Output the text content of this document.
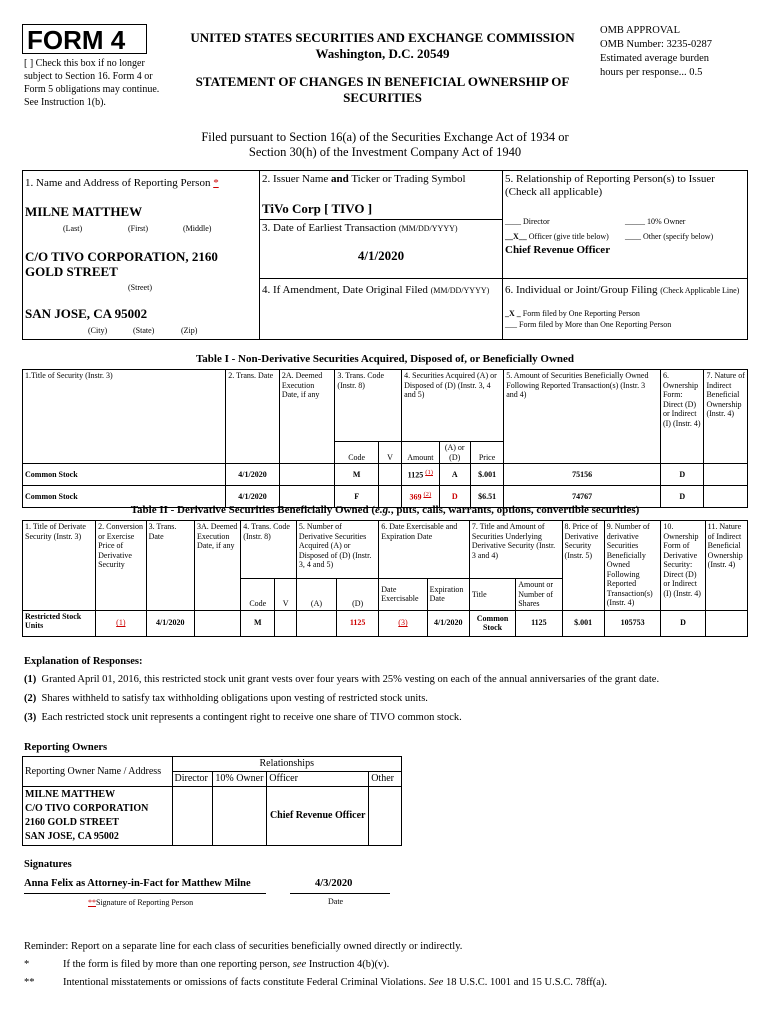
FORM 4
[ ] Check this box if no longer subject to Section 16. Form 4 or Form 5 obligations may continue. See Instruction 1(b).
UNITED STATES SECURITIES AND EXCHANGE COMMISSION
Washington, D.C. 20549
STATEMENT OF CHANGES IN BENEFICIAL OWNERSHIP OF
SECURITIES
OMB APPROVAL
OMB Number: 3235-0287
Estimated average burden
hours per response... 0.5
Filed pursuant to Section 16(a) of the Securities Exchange Act of 1934 or
Section 30(h) of the Investment Company Act of 1940
1. Name and Address of Reporting Person *
MILNE MATTHEW
(Last)	(First)	(Middle)
C/O TIVO CORPORATION, 2160
GOLD STREET
(Street)
SAN JOSE, CA 95002
(City)	(State)	(Zip)
2. Issuer Name and Ticker or Trading Symbol
TiVo Corp [ TIVO ]
3. Date of Earliest Transaction (MM/DD/YYYY)
4/1/2020
4. If Amendment, Date Original Filed (MM/DD/YYYY)
5. Relationship of Reporting Person(s) to Issuer
(Check all applicable)
____ Director	_____ 10% Owner
__X__ Officer (give title below) ____ Other (specify below)
Chief Revenue Officer
6. Individual or Joint/Group Filing (Check Applicable Line)
_X _ Form filed by One Reporting Person
___ Form filed by More than One Reporting Person
Table I - Non-Derivative Securities Acquired, Disposed of, or Beneficially Owned
1.Title of Security (Instr. 3)	2. Trans. Date	2A. Deemed Execution Date, if any	3. Trans. Code (Instr. 8)		4. Securities Acquired (A) or Disposed of (D) (Instr. 3, 4 and 5)			5. Amount of Securities Beneficially Owned Following Reported Transaction(s) (Instr. 3 and 4)	6. Ownership Form: Direct (D) or Indirect (I) (Instr. 4)	7. Nature of Indirect Beneficial Ownership (Instr. 4)
			Code	V	Amount	(A) or (D)	Price			
Common Stock	4/1/2020		M		1125 $^{(1)}$	A	$.001	75156	D	
Common Stock	4/1/2020		F		369 $^{(2)}$	D	$6.51	74767	D	
Table II - Derivative Securities Beneficially Owned (e.g., puts, calls, warrants, options, convertible securities)
1. Title of Derivate Security (Instr. 3)	2. Conversion or Exercise Price of Derivative Security	3. Trans. Date	3A. Deemed Execution Date, if any	4. Trans. Code (Instr. 8)		5. Number of Derivative Securities Acquired (A) or Disposed of (D) (Instr. 3, 4 and 5)		6. Date Exercisable and Expiration Date		7. Title and Amount of Securities Underlying Derivative Security (Instr. 3 and 4)		8. Price of Derivative Security (Instr. 5)	9. Number of derivative Securities Beneficially Owned Following Reported Transaction(s) (Instr. 4)	10. Ownership Form of Derivative Security: Direct (D) or Indirect (I) (Instr. 4)	11. Nature of Indirect Beneficial Ownership (Instr. 4)
				Code	V	(A)	(D)	Date Exercisable	Expiration Date	Title	Amount or Number of Shares				
Restricted Stock Units	(1)	4/1/2020		M			1125	(3)	4/1/2020	Common Stock	1125	$.001	105753	D	
Explanation of Responses:
(1) Granted April 01, 2016, this restricted stock unit grant vests over four years with 25% vesting on each of the annual anniversaries of the grant date.
(2) Shares withheld to satisfy tax withholding obligations upon vesting of restricted stock units.
(3) Each restricted stock unit represents a contingent right to receive one share of TIVO common stock.
Reporting Owners
Reporting Owner Name / Address	Relationships			
	Director	10% Owner	Officer	Other

MILNE MATTHEW
C/O TIVO CORPORATION
2160 GOLD STREET
SAN JOSE, CA 95002			Chief Revenue Officer	
Signatures
Anna Felix as Attorney-in-Fact for Matthew Milne	4/3/2020
**Signature of Reporting Person	Date
Reminder: Report on a separate line for each class of securities beneficially owned directly or indirectly.
*	If the form is filed by more than one reporting person, see Instruction 4(b)(v).
**	Intentional misstatements or omissions of facts constitute Federal Criminal Violations. See 18 U.S.C. 1001 and 15 U.S.C. 78ff(a).
